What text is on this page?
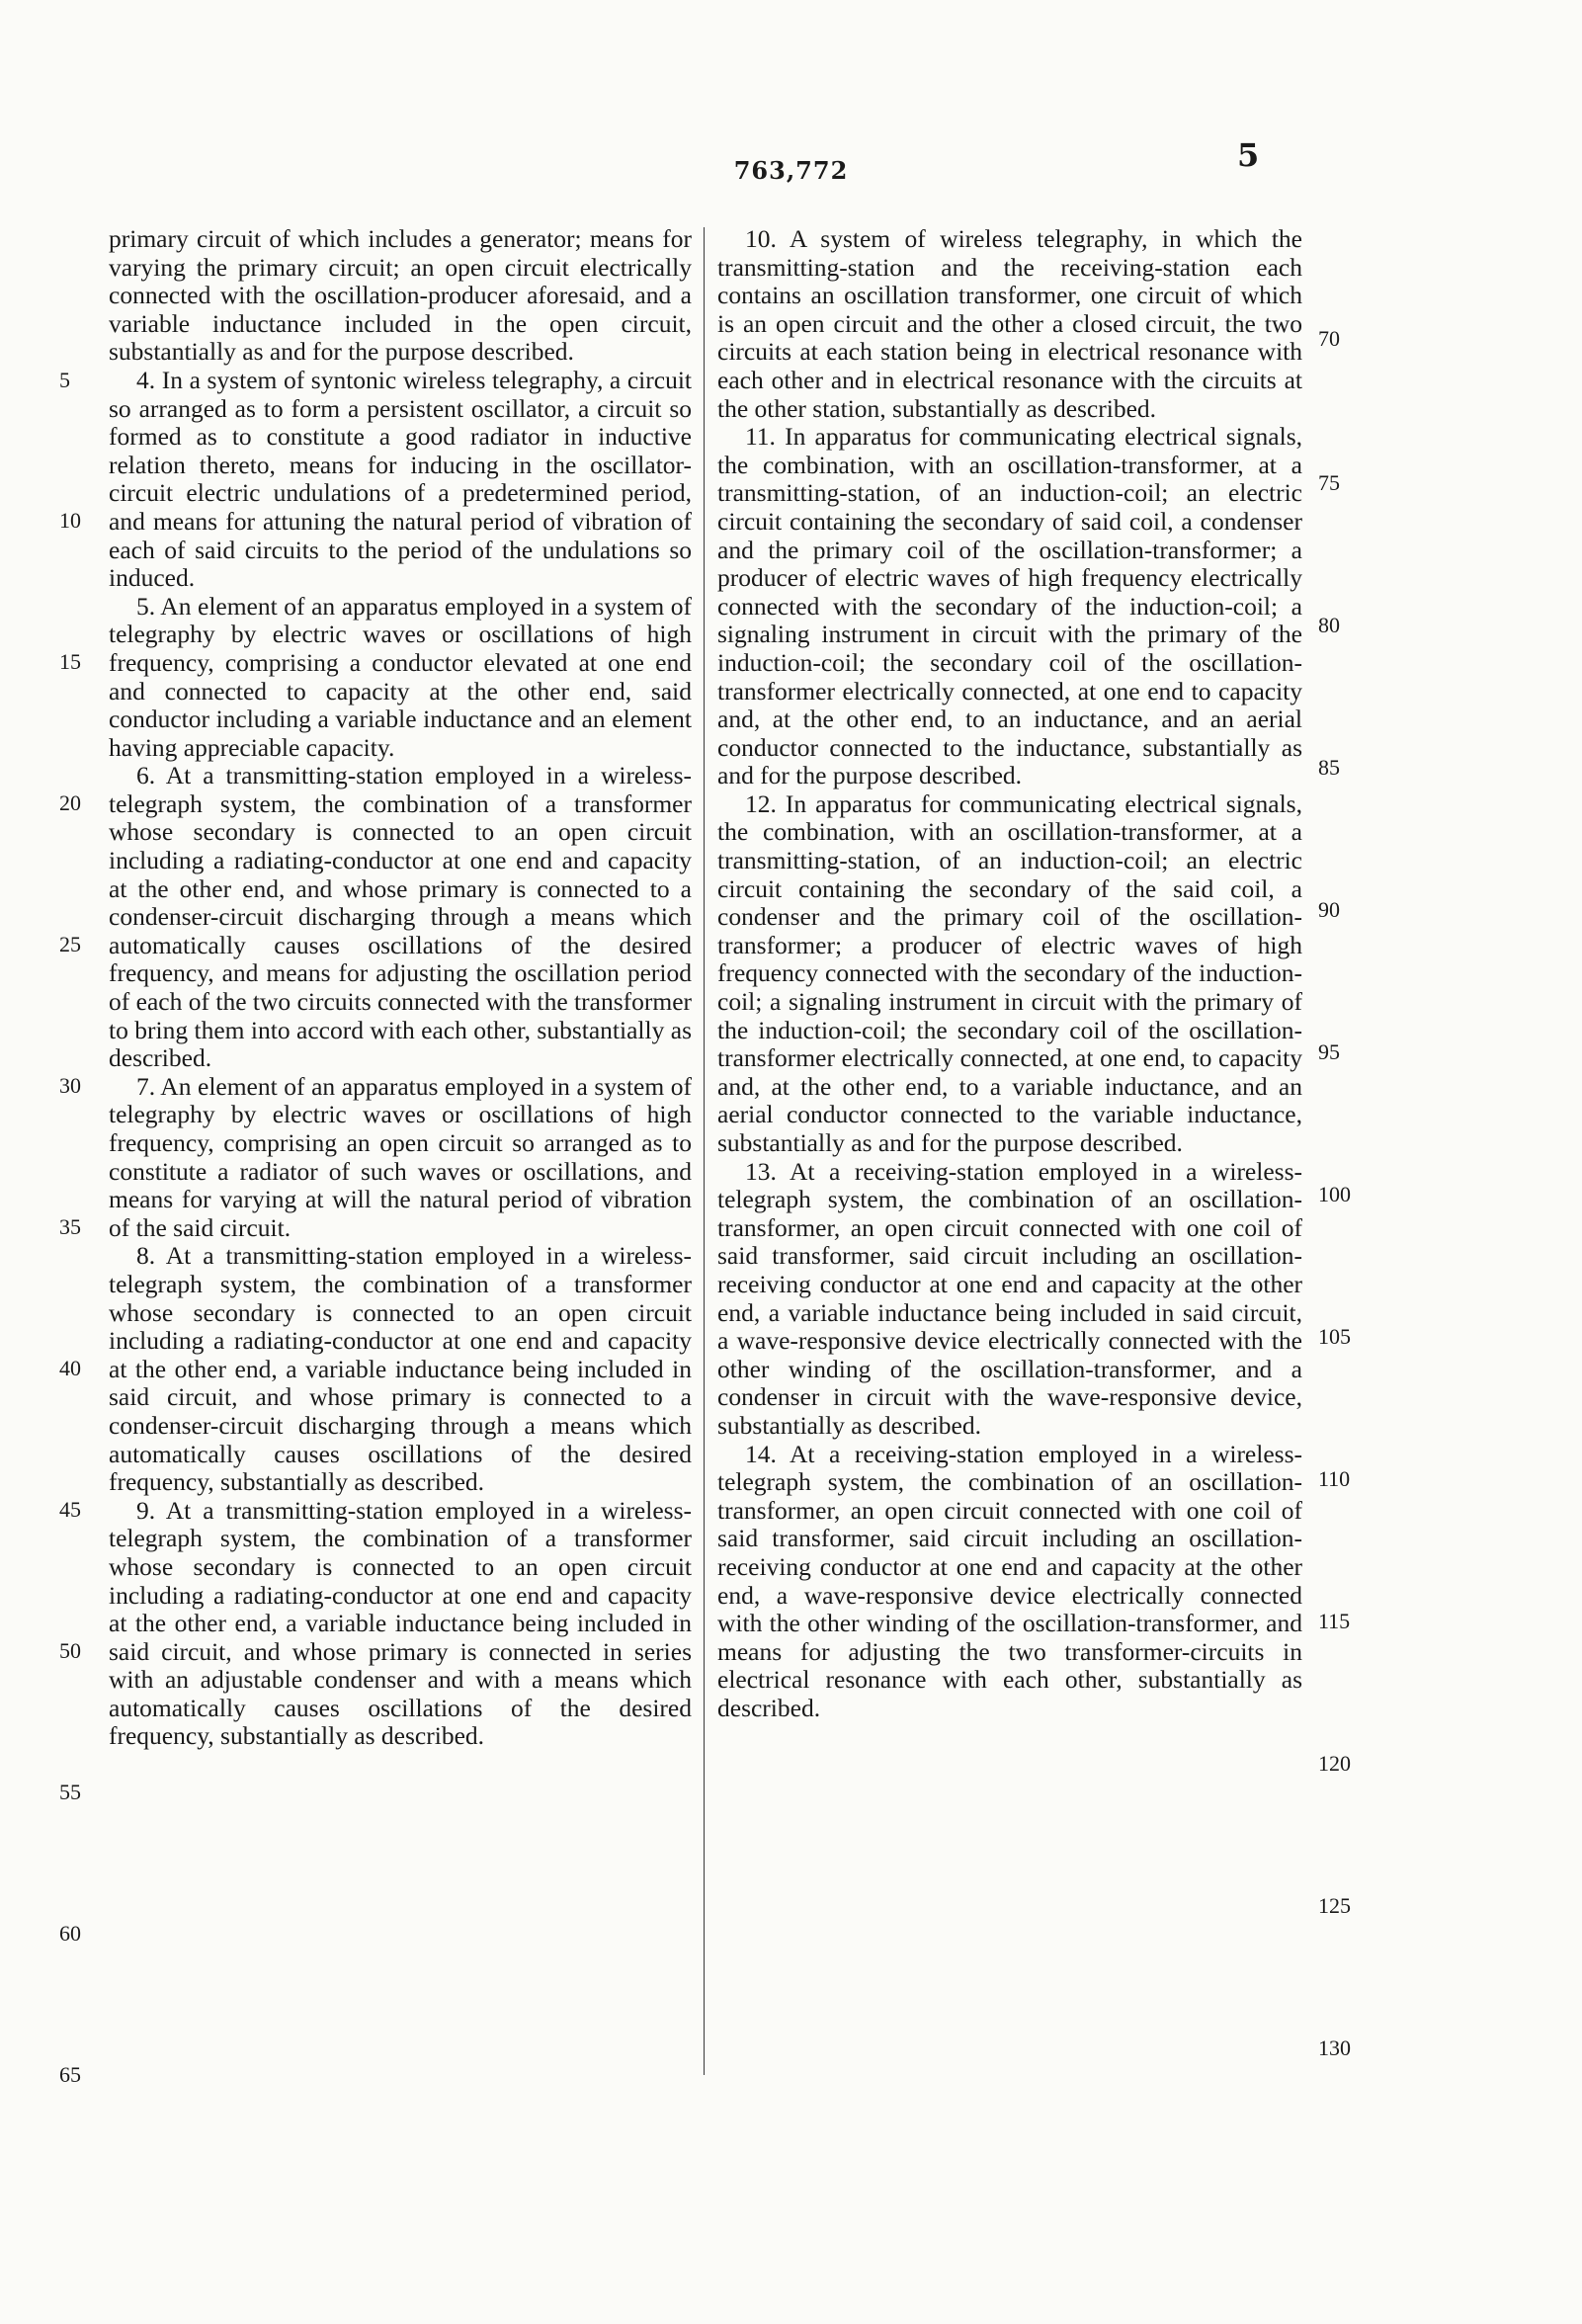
763,772	5

primary circuit of which includes a generator; means for varying the primary circuit; an open circuit electrically connected with the oscillation-producer aforesaid, and a variable inductance included in the open circuit, substantially as and for the purpose described.

4. In a system of syntonic wireless telegraphy, a circuit so arranged as to form a persistent oscillator, a circuit so formed as to constitute a good radiator in inductive relation thereto, means for inducing in the oscillator-circuit electric undulations of a predetermined period, and means for attuning the natural period of vibration of each of said circuits to the period of the undulations so induced.

5. An element of an apparatus employed in a system of telegraphy by electric waves or oscillations of high frequency, comprising a conductor elevated at one end and connected to capacity at the other end, said conductor including a variable inductance and an element having appreciable capacity.

6. At a transmitting-station employed in a wireless-telegraph system, the combination of a transformer whose secondary is connected to an open circuit including a radiating-conductor at one end and capacity at the other end, and whose primary is connected to a condenser-circuit discharging through a means which automatically causes oscillations of the desired frequency, and means for adjusting the oscillation period of each of the two circuits connected with the transformer to bring them into accord with each other, substantially as described.

7. An element of an apparatus employed in a system of telegraphy by electric waves or oscillations of high frequency, comprising an open circuit so arranged as to constitute a radiator of such waves or oscillations, and means for varying at will the natural period of vibration of the said circuit.

8. At a transmitting-station employed in a wireless-telegraph system, the combination of a transformer whose secondary is connected to an open circuit including a radiating-conductor at one end and capacity at the other end, a variable inductance being included in said circuit, and whose primary is connected to a condenser-circuit discharging through a means which automatically causes oscillations of the desired frequency, substantially as described.

9. At a transmitting-station employed in a wireless-telegraph system, the combination of a transformer whose secondary is connected to an open circuit including a radiating-conductor at one end and capacity at the other end, a variable inductance being included in said circuit, and whose primary is connected in series with an adjustable condenser and with a means which automatically causes oscillations of the desired frequency, substantially as described.

10. A system of wireless telegraphy, in which the transmitting-station and the receiving-station each contains an oscillation transformer, one circuit of which is an open circuit and the other a closed circuit, the two circuits at each station being in electrical resonance with each other and in electrical resonance with the circuits at the other station, substantially as described.

11. In apparatus for communicating electrical signals, the combination, with an oscillation-transformer, at a transmitting-station, of an induction-coil; an electric circuit containing the secondary of said coil, a condenser and the primary coil of the oscillation-transformer; a producer of electric waves of high frequency electrically connected with the secondary of the induction-coil; a signaling instrument in circuit with the primary of the induction-coil; the secondary coil of the oscillation-transformer electrically connected, at one end to capacity and, at the other end, to an inductance, and an aerial conductor connected to the inductance, substantially as and for the purpose described.

12. In apparatus for communicating electrical signals, the combination, with an oscillation-transformer, at a transmitting-station, of an induction-coil; an electric circuit containing the secondary of the said coil, a condenser and the primary coil of the oscillation-transformer; a producer of electric waves of high frequency connected with the secondary of the induction-coil; a signaling instrument in circuit with the primary of the induction-coil; the secondary coil of the oscillation-transformer electrically connected, at one end, to capacity and, at the other end, to a variable inductance, and an aerial conductor connected to the variable inductance, substantially as and for the purpose described.

13. At a receiving-station employed in a wireless-telegraph system, the combination of an oscillation-transformer, an open circuit connected with one coil of said transformer, said circuit including an oscillation-receiving conductor at one end and capacity at the other end, a variable inductance being included in said circuit, a wave-responsive device electrically connected with the other winding of the oscillation-transformer, and a condenser in circuit with the wave-responsive device, substantially as described.

14. At a receiving-station employed in a wireless-telegraph system, the combination of an oscillation-transformer, an open circuit connected with one coil of said transformer, said circuit including an oscillation-receiving conductor at one end and capacity at the other end, a wave-responsive device electrically connected with the other winding of the oscillation-transformer, and means for adjusting the two transformer-circuits in electrical resonance with each other, substantially as described.

5
10
15
20
25
30
35
40
45
50
55
60
65
70
75
80
85
90
95
100
105
110
115
120
125
130
